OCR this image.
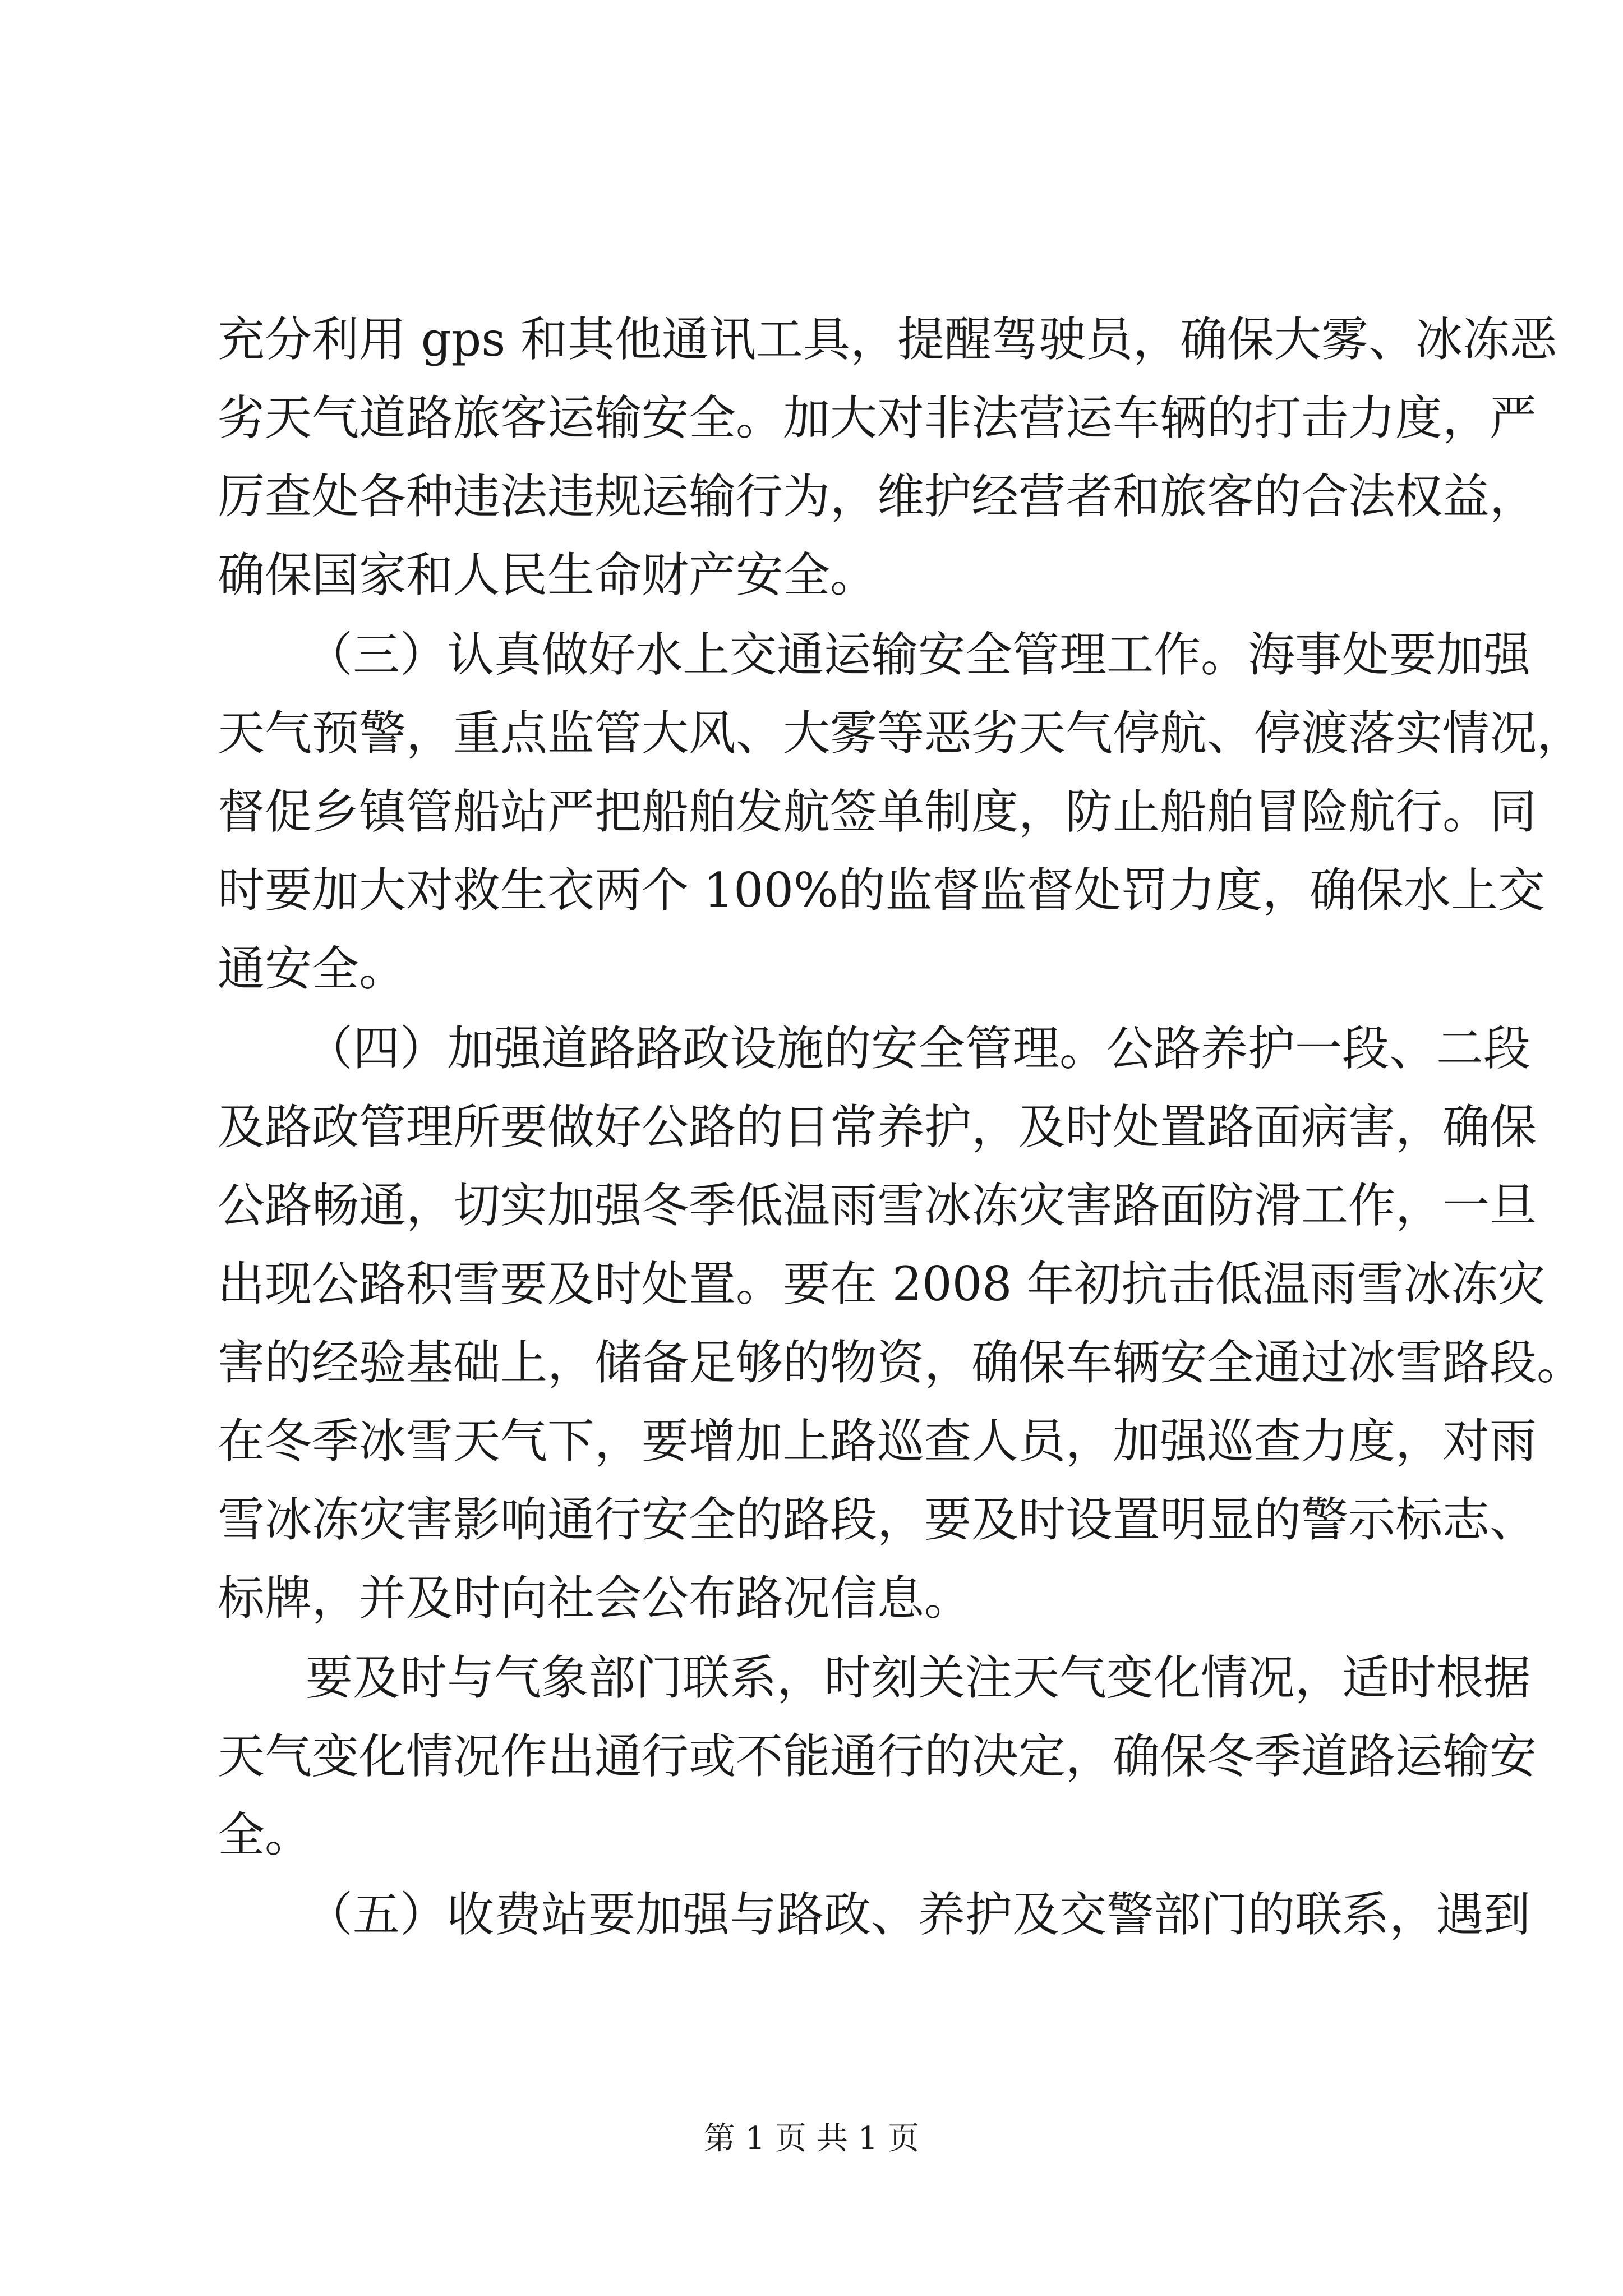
充分利用 gps 和其他通讯工具，提醒驾驶员，确保大雾、冰冻恶
劣天气道路旅客运输安全。加大对非法营运车辆的打击力度，严
厉查处各种违法违规运输行为，维护经营者和旅客的合法权益，
确保国家和人民生命财产安全。
（三）认真做好水上交通运输安全管理工作。海事处要加强
天气预警，重点监管大风、大雾等恶劣天气停航、停渡落实情况，
督促乡镇管船站严把船舶发航签单制度，防止船舶冒险航行。同
时要加大对救生衣两个 100%的监督监督处罚力度，确保水上交
通安全。
（四）加强道路路政设施的安全管理。公路养护一段、二段
及路政管理所要做好公路的日常养护，及时处置路面病害，确保
公路畅通，切实加强冬季低温雨雪冰冻灾害路面防滑工作，一旦
出现公路积雪要及时处置。要在 2008 年初抗击低温雨雪冰冻灾
害的经验基础上，储备足够的物资，确保车辆安全通过冰雪路段。
在冬季冰雪天气下，要增加上路巡查人员，加强巡查力度，对雨
雪冰冻灾害影响通行安全的路段，要及时设置明显的警示标志、
标牌，并及时向社会公布路况信息。
要及时与气象部门联系，时刻关注天气变化情况，适时根据
天气变化情况作出通行或不能通行的决定，确保冬季道路运输安
全。
（五）收费站要加强与路政、养护及交警部门的联系，遇到
第 1 页 共 1 页
